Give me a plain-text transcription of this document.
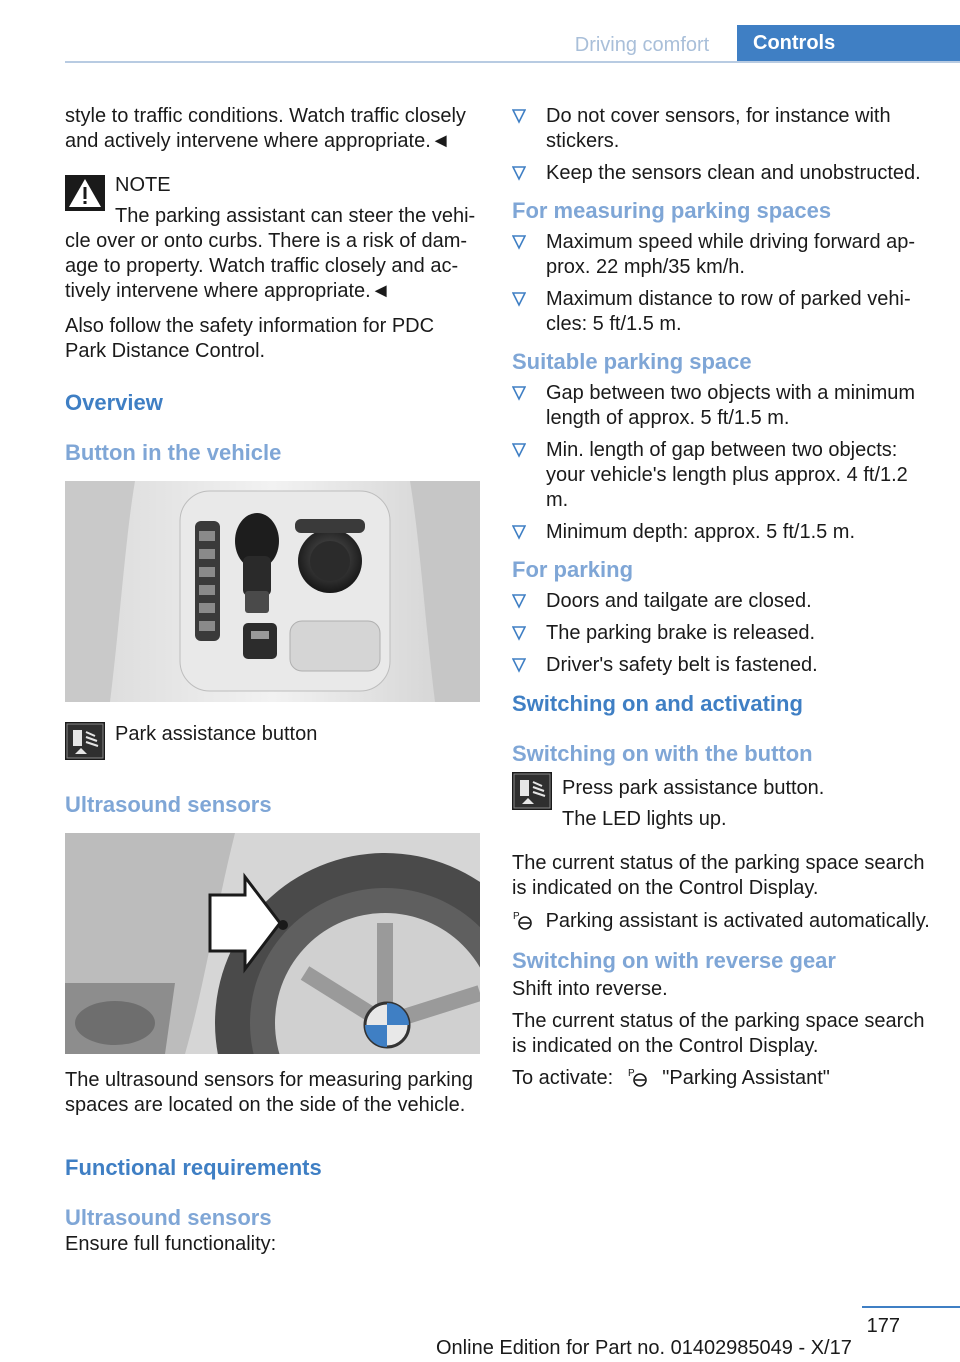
Driving comfort	Controls

style to traffic conditions. Watch traffic closely and actively intervene where appropriate.◄

NOTE

The parking assistant can steer the vehi-

cle over or onto curbs. There is a risk of damage to property. Watch traffic closely and actively intervene where appropriate.◄

Also follow the safety information for PDC Park Distance Control.

Overview

Button in the vehicle

Park assistance button

Ultrasound sensors

The ultrasound sensors for measuring parking spaces are located on the side of the vehicle.

Functional requirements

Ultrasound sensors

Ensure full functionality:

Do not cover sensors, for instance with stickers.
Keep the sensors clean and unobstructed.

For measuring parking spaces

Maximum speed while driving forward approx. 22 mph/35 km/h.
Maximum distance to row of parked vehicles: 5 ft/1.5 m.

Suitable parking space

Gap between two objects with a minimum length of approx. 5 ft/1.5 m.
Min. length of gap between two objects: your vehicle's length plus approx. 4 ft/1.2 m.
Minimum depth: approx. 5 ft/1.5 m.

For parking

Doors and tailgate are closed.
The parking brake is released.
Driver's safety belt is fastened.

Switching on and activating

Switching on with the button

Press park assistance button.

The LED lights up.

The current status of the parking space search is indicated on the Control Display.

P Parking assistant is activated automatically.

Switching on with reverse gear

Shift into reverse.

The current status of the parking space search is indicated on the Control Display.

To activate: P "Parking Assistant"

177
Online Edition for Part no. 01402985049 - X/17
